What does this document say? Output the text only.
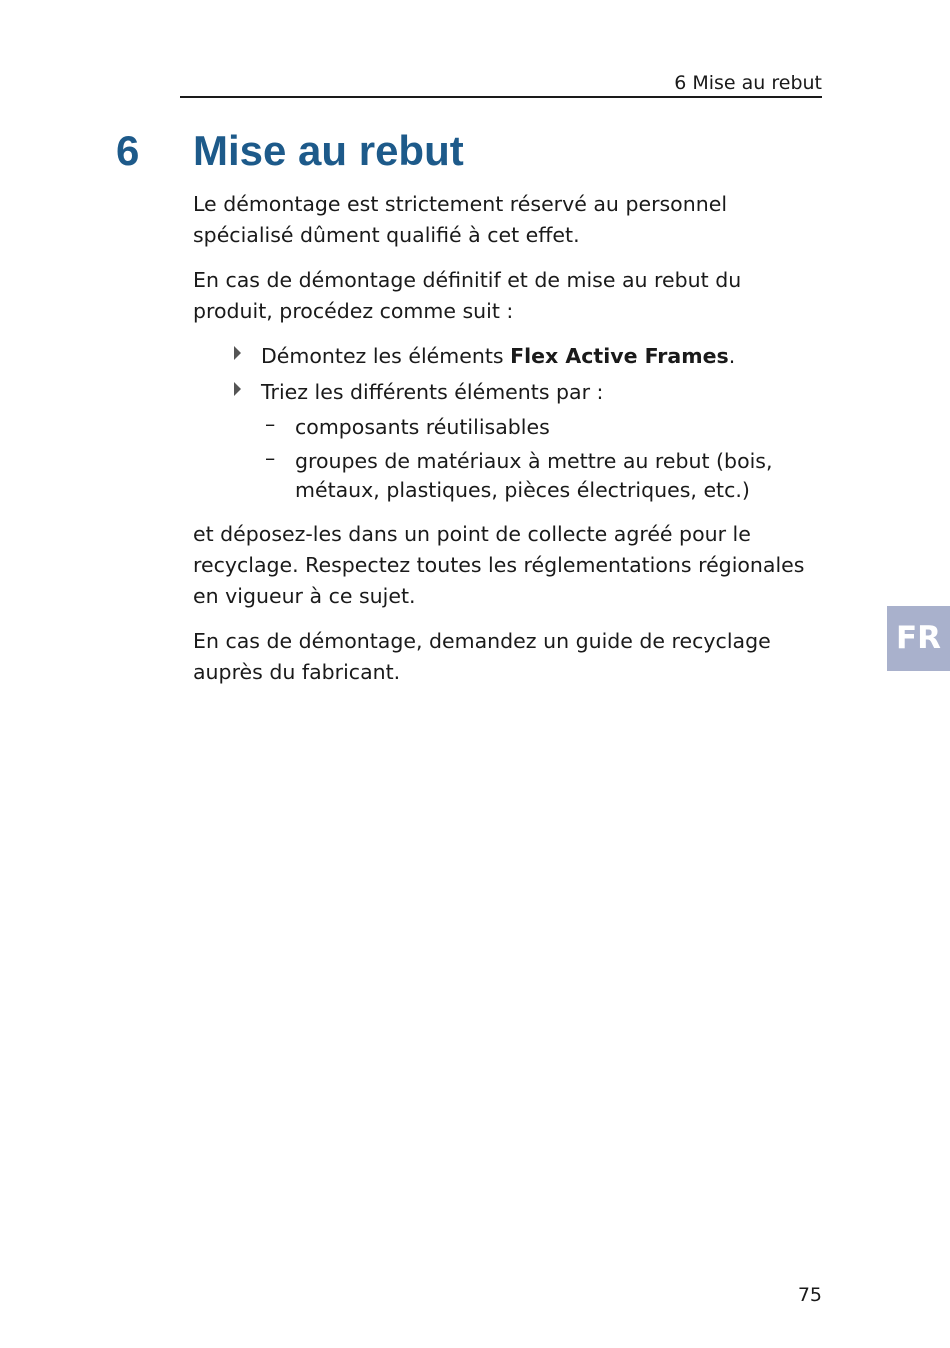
6 Mise au rebut
6 Mise au rebut

Le démontage est strictement réservé au personnel spécialisé dûment qualifié à cet effet.

En cas de démontage définitif et de mise au rebut du produit, procédez comme suit :

Démontez les éléments Flex Active Frames.
Triez les différents éléments par :
– composants réutilisables
– groupes de matériaux à mettre au rebut (bois, métaux, plastiques, pièces électriques, etc.)

et déposez-les dans un point de collecte agréé pour le recyclage. Respectez toutes les réglementations régionales en vigueur à ce sujet.

En cas de démontage, demandez un guide de recyclage auprès du fabricant.

FR
75
